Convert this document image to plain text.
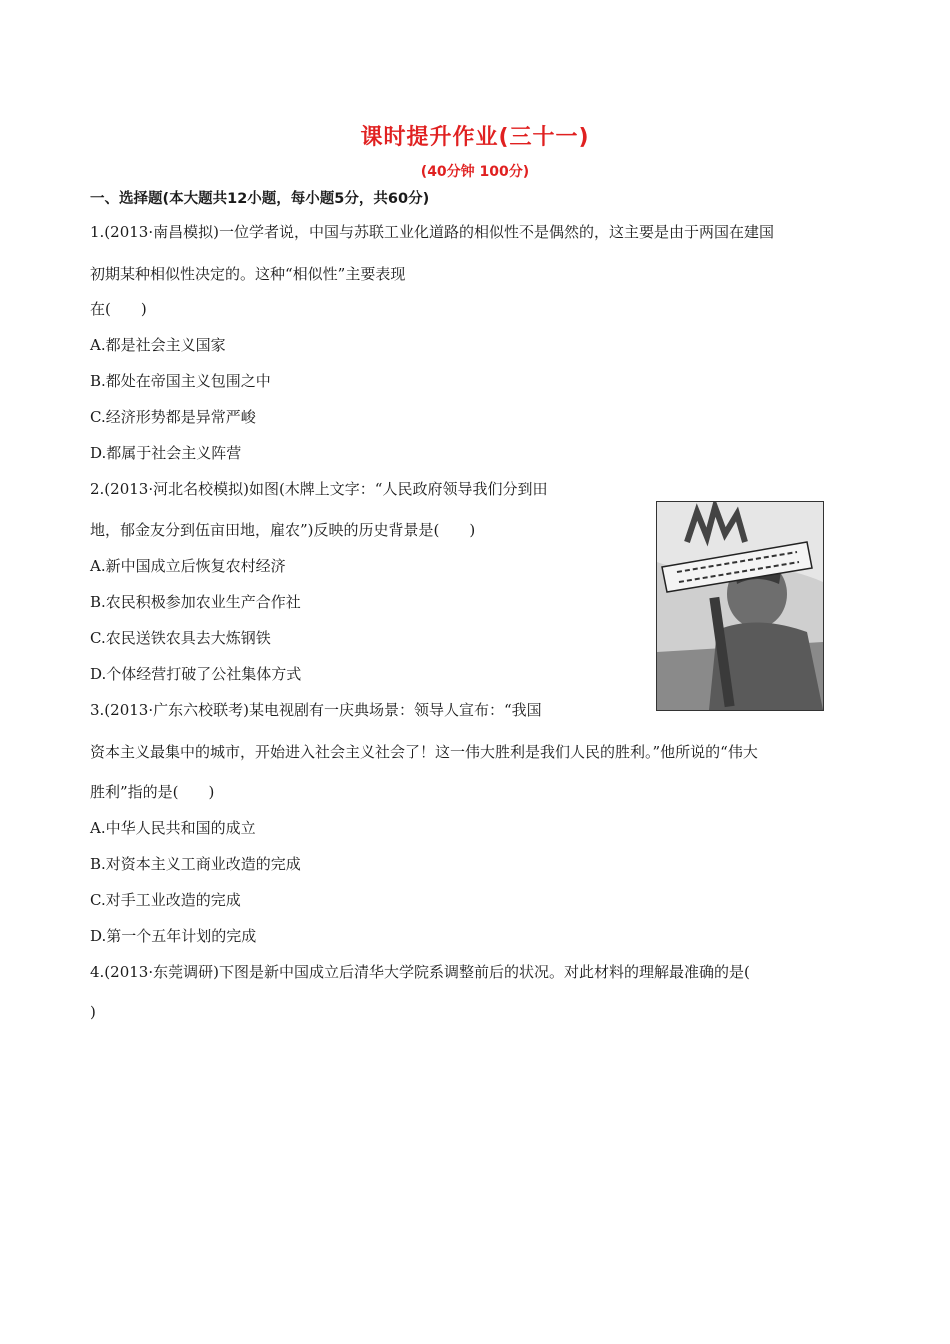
课时提升作业(三十一)
(40分钟 100分)
一、选择题(本大题共12小题，每小题5分，共60分)
1.(2013·南昌模拟)一位学者说，中国与苏联工业化道路的相似性不是偶然的，这主要是由于两国在建国
初期某种相似性决定的。这种“相似性”主要表现
在(　　)
A.都是社会主义国家
B.都处在帝国主义包围之中
C.经济形势都是异常严峻
D.都属于社会主义阵营
2.(2013·河北名校模拟)如图(木牌上文字：“人民政府领导我们分到田
地，郁金友分到伍亩田地，雇农”)反映的历史背景是(　　)
A.新中国成立后恢复农村经济
B.农民积极参加农业生产合作社
C.农民送铁农具去大炼钢铁
D.个体经营打破了公社集体方式
3.(2013·广东六校联考)某电视剧有一庆典场景：领导人宣布：“我国
资本主义最集中的城市，开始进入社会主义社会了！这一伟大胜利是我们人民的胜利。”他所说的“伟大
胜利”指的是(　　)
A.中华人民共和国的成立
B.对资本主义工商业改造的完成
C.对手工业改造的完成
D.第一个五年计划的完成
4.(2013·东莞调研)下图是新中国成立后清华大学院系调整前后的状况。对此材料的理解最准确的是(
)
